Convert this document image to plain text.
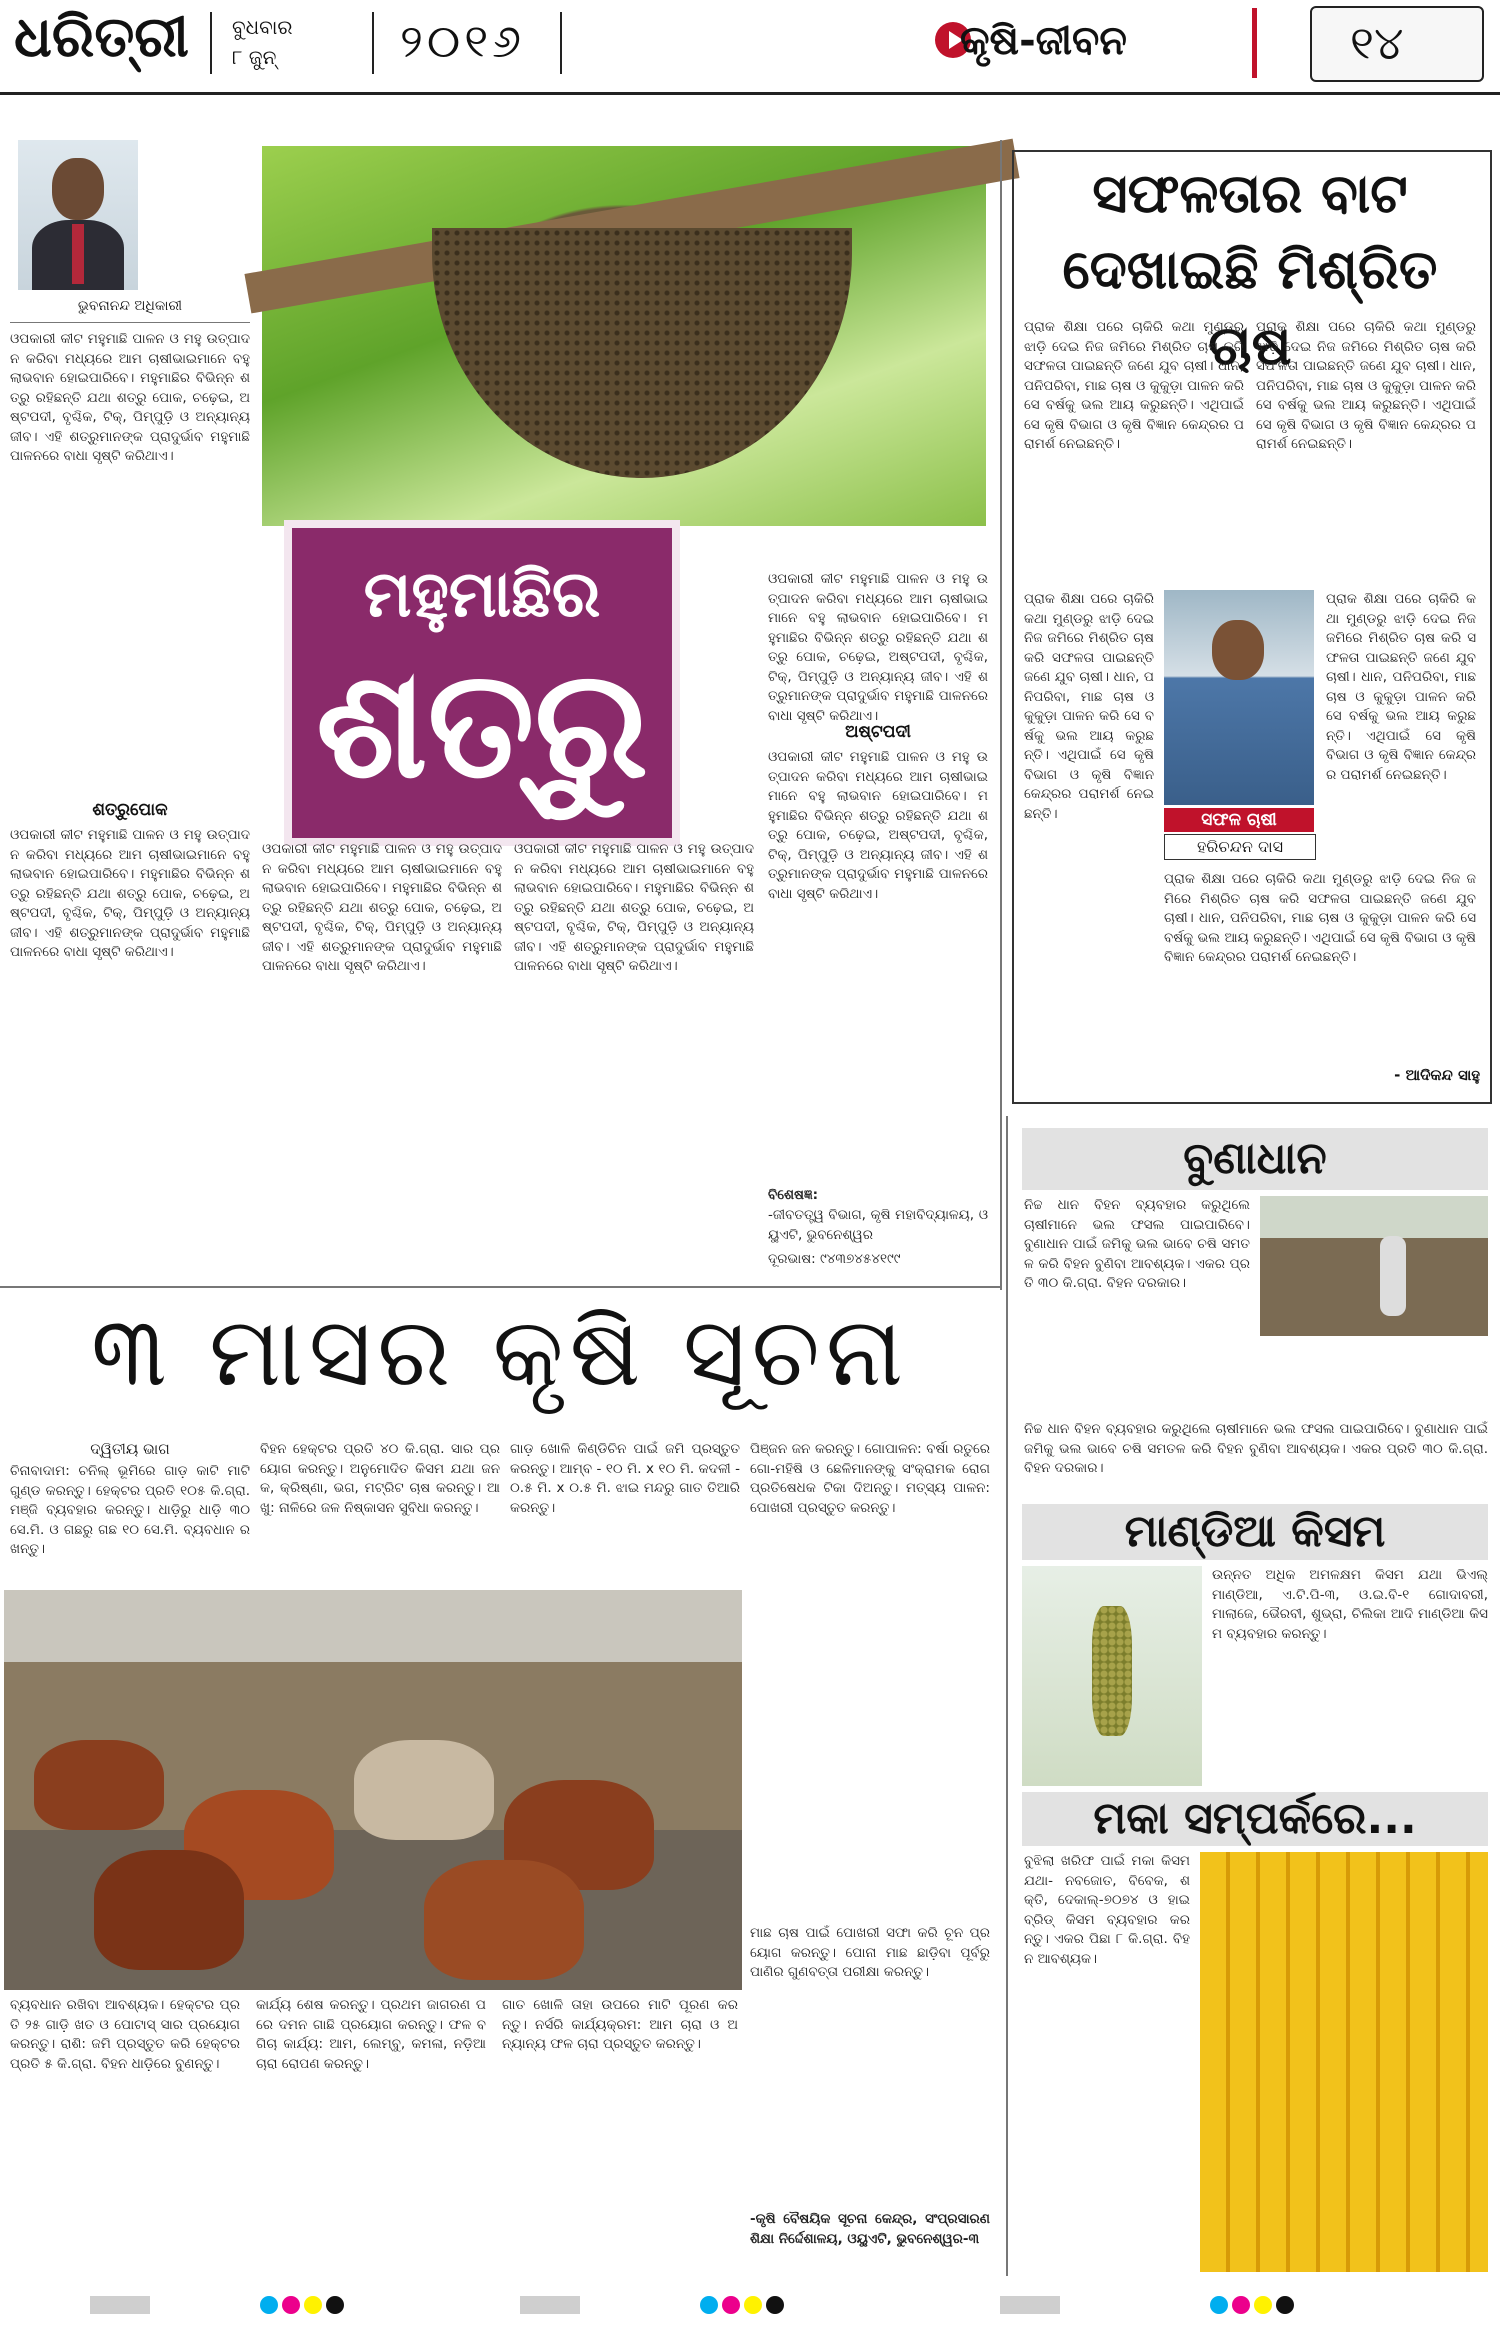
ଧରିତ୍ରୀ ବୁଧବାର
୮ ଜୁନ୍	୨୦୧୬	କୃଷି-ଜୀବନ	୧୪
ଭୁବନାନନ୍ଦ ଅଧିକାରୀ
ମହୁମାଛିର
ଶତ୍ରୁ
ଓପକାରୀ କୀଟ ମହୁମାଛି ପାଳନ ଓ ମହୁ ଉତ୍ପାଦନ କରିବା ମଧ୍ୟରେ ଆମ ଚାଷୀଭାଇମାନେ ବହୁ ଲାଭବାନ ହୋଇପାରିବେ। ମହୁମାଛିର ବିଭିନ୍ନ ଶତ୍ରୁ ରହିଛନ୍ତି ଯଥା ଶତ୍ରୁ ପୋକ, ଚଢ଼େଇ, ଅଷ୍ଟପଦୀ, ବୃଶ୍ଚିକ, ଟିକ୍, ପିମ୍ପୁଡ଼ି ଓ ଅନ୍ୟାନ୍ୟ ଜୀବ। ଏହି ଶତ୍ରୁମାନଙ୍କ ପ୍ରାଦୁର୍ଭାବ ମହୁମାଛି ପାଳନରେ ବାଧା ସୃଷ୍ଟି କରିଥାଏ।
ଶତ୍ରୁପୋକ
ଓପକାରୀ କୀଟ ମହୁମାଛି ପାଳନ ଓ ମହୁ ଉତ୍ପାଦନ କରିବା ମଧ୍ୟରେ ଆମ ଚାଷୀଭାଇମାନେ ବହୁ ଲାଭବାନ ହୋଇପାରିବେ। ମହୁମାଛିର ବିଭିନ୍ନ ଶତ୍ରୁ ରହିଛନ୍ତି ଯଥା ଶତ୍ରୁ ପୋକ, ଚଢ଼େଇ, ଅଷ୍ଟପଦୀ, ବୃଶ୍ଚିକ, ଟିକ୍, ପିମ୍ପୁଡ଼ି ଓ ଅନ୍ୟାନ୍ୟ ଜୀବ। ଏହି ଶତ୍ରୁମାନଙ୍କ ପ୍ରାଦୁର୍ଭାବ ମହୁମାଛି ପାଳନରେ ବାଧା ସୃଷ୍ଟି କରିଥାଏ।
ଓପକାରୀ କୀଟ ମହୁମାଛି ପାଳନ ଓ ମହୁ ଉତ୍ପାଦନ କରିବା ମଧ୍ୟରେ ଆମ ଚାଷୀଭାଇମାନେ ବହୁ ଲାଭବାନ ହୋଇପାରିବେ। ମହୁମାଛିର ବିଭିନ୍ନ ଶତ୍ରୁ ରହିଛନ୍ତି ଯଥା ଶତ୍ରୁ ପୋକ, ଚଢ଼େଇ, ଅଷ୍ଟପଦୀ, ବୃଶ୍ଚିକ, ଟିକ୍, ପିମ୍ପୁଡ଼ି ଓ ଅନ୍ୟାନ୍ୟ ଜୀବ। ଏହି ଶତ୍ରୁମାନଙ୍କ ପ୍ରାଦୁର୍ଭାବ ମହୁମାଛି ପାଳନରେ ବାଧା ସୃଷ୍ଟି କରିଥାଏ।
ଅଷ୍ଟପଦୀ
ଓପକାରୀ କୀଟ ମହୁମାଛି ପାଳନ ଓ ମହୁ ଉତ୍ପାଦନ କରିବା ମଧ୍ୟରେ ଆମ ଚାଷୀଭାଇମାନେ ବହୁ ଲାଭବାନ ହୋଇପାରିବେ। ମହୁମାଛିର ବିଭିନ୍ନ ଶତ୍ରୁ ରହିଛନ୍ତି ଯଥା ଶତ୍ରୁ ପୋକ, ଚଢ଼େଇ, ଅଷ୍ଟପଦୀ, ବୃଶ୍ଚିକ, ଟିକ୍, ପିମ୍ପୁଡ଼ି ଓ ଅନ୍ୟାନ୍ୟ ଜୀବ। ଏହି ଶତ୍ରୁମାନଙ୍କ ପ୍ରାଦୁର୍ଭାବ ମହୁମାଛି ପାଳନରେ ବାଧା ସୃଷ୍ଟି କରିଥାଏ।
ଓପକାରୀ କୀଟ ମହୁମାଛି ପାଳନ ଓ ମହୁ ଉତ୍ପାଦନ କରିବା ମଧ୍ୟରେ ଆମ ଚାଷୀଭାଇମାନେ ବହୁ ଲାଭବାନ ହୋଇପାରିବେ। ମହୁମାଛିର ବିଭିନ୍ନ ଶତ୍ରୁ ରହିଛନ୍ତି ଯଥା ଶତ୍ରୁ ପୋକ, ଚଢ଼େଇ, ଅଷ୍ଟପଦୀ, ବୃଶ୍ଚିକ, ଟିକ୍, ପିମ୍ପୁଡ଼ି ଓ ଅନ୍ୟାନ୍ୟ ଜୀବ। ଏହି ଶତ୍ରୁମାନଙ୍କ ପ୍ରାଦୁର୍ଭାବ ମହୁମାଛି ପାଳନରେ ବାଧା ସୃଷ୍ଟି କରିଥାଏ।
ଓପକାରୀ କୀଟ ମହୁମାଛି ପାଳନ ଓ ମହୁ ଉତ୍ପାଦନ କରିବା ମଧ୍ୟରେ ଆମ ଚାଷୀଭାଇମାନେ ବହୁ ଲାଭବାନ ହୋଇପାରିବେ। ମହୁମାଛିର ବିଭିନ୍ନ ଶତ୍ରୁ ରହିଛନ୍ତି ଯଥା ଶତ୍ରୁ ପୋକ, ଚଢ଼େଇ, ଅଷ୍ଟପଦୀ, ବୃଶ୍ଚିକ, ଟିକ୍, ପିମ୍ପୁଡ଼ି ଓ ଅନ୍ୟାନ୍ୟ ଜୀବ। ଏହି ଶତ୍ରୁମାନଙ୍କ ପ୍ରାଦୁର୍ଭାବ ମହୁମାଛି ପାଳନରେ ବାଧା ସୃଷ୍ଟି କରିଥାଏ।
ବିଶେଷଜ୍ଞ:
-ଜୀବତତ୍ତ୍ୱ ବିଭାଗ, କୃଷି ମହାବିଦ୍ୟାଳୟ, ଓୟୁଏଟି, ଭୁବନେଶ୍ୱର
ଦୂରଭାଷ: ୯୪୩୭୪୫୪୧୯୯
ସଫଳତାର ବାଟ
ଦେଖାଇଛି ମିଶ୍ରିତ ଚାଷ
ପ୍ରାକ ଶିକ୍ଷା ପରେ ଚାକିରି କଥା ମୁଣ୍ଡରୁ ଝାଡ଼ି ଦେଇ ନିଜ ଜମିରେ ମିଶ୍ରିତ ଚାଷ କରି ସଫଳତା ପାଇଛନ୍ତି ଜଣେ ଯୁବ ଚାଷୀ। ଧାନ, ପନିପରିବା, ମାଛ ଚାଷ ଓ କୁକୁଡ଼ା ପାଳନ କରି ସେ ବର୍ଷକୁ ଭଲ ଆୟ କରୁଛନ୍ତି। ଏଥିପାଇଁ ସେ କୃଷି ବିଭାଗ ଓ କୃଷି ବିଜ୍ଞାନ କେନ୍ଦ୍ରର ପରାମର୍ଶ ନେଇଛନ୍ତି।
ପ୍ରାକ ଶିକ୍ଷା ପରେ ଚାକିରି କଥା ମୁଣ୍ଡରୁ ଝାଡ଼ି ଦେଇ ନିଜ ଜମିରେ ମିଶ୍ରିତ ଚାଷ କରି ସଫଳତା ପାଇଛନ୍ତି ଜଣେ ଯୁବ ଚାଷୀ। ଧାନ, ପନିପରିବା, ମାଛ ଚାଷ ଓ କୁକୁଡ଼ା ପାଳନ କରି ସେ ବର୍ଷକୁ ଭଲ ଆୟ କରୁଛନ୍ତି। ଏଥିପାଇଁ ସେ କୃଷି ବିଭାଗ ଓ କୃଷି ବିଜ୍ଞାନ କେନ୍ଦ୍ରର ପରାମର୍ଶ ନେଇଛନ୍ତି।
ପ୍ରାକ ଶିକ୍ଷା ପରେ ଚାକିରି କଥା ମୁଣ୍ଡରୁ ଝାଡ଼ି ଦେଇ ନିଜ ଜମିରେ ମିଶ୍ରିତ ଚାଷ କରି ସଫଳତା ପାଇଛନ୍ତି ଜଣେ ଯୁବ ଚାଷୀ। ଧାନ, ପନିପରିବା, ମାଛ ଚାଷ ଓ କୁକୁଡ଼ା ପାଳନ କରି ସେ ବର୍ଷକୁ ଭଲ ଆୟ କରୁଛନ୍ତି। ଏଥିପାଇଁ ସେ କୃଷି ବିଭାଗ ଓ କୃଷି ବିଜ୍ଞାନ କେନ୍ଦ୍ରର ପରାମର୍ଶ ନେଇଛନ୍ତି।	ସଫଳ ଚାଷୀ
ହରିଚନ୍ଦନ ଦାସ
ପ୍ରାକ ଶିକ୍ଷା ପରେ ଚାକିରି କଥା ମୁଣ୍ଡରୁ ଝାଡ଼ି ଦେଇ ନିଜ ଜମିରେ ମିଶ୍ରିତ ଚାଷ କରି ସଫଳତା ପାଇଛନ୍ତି ଜଣେ ଯୁବ ଚାଷୀ। ଧାନ, ପନିପରିବା, ମାଛ ଚାଷ ଓ କୁକୁଡ଼ା ପାଳନ କରି ସେ ବର୍ଷକୁ ଭଲ ଆୟ କରୁଛନ୍ତି। ଏଥିପାଇଁ ସେ କୃଷି ବିଭାଗ ଓ କୃଷି ବିଜ୍ଞାନ କେନ୍ଦ୍ରର ପରାମର୍ଶ ନେଇଛନ୍ତି।
ପ୍ରାକ ଶିକ୍ଷା ପରେ ଚାକିରି କଥା ମୁଣ୍ଡରୁ ଝାଡ଼ି ଦେଇ ନିଜ ଜମିରେ ମିଶ୍ରିତ ଚାଷ କରି ସଫଳତା ପାଇଛନ୍ତି ଜଣେ ଯୁବ ଚାଷୀ। ଧାନ, ପନିପରିବା, ମାଛ ଚାଷ ଓ କୁକୁଡ଼ା ପାଳନ କରି ସେ ବର୍ଷକୁ ଭଲ ଆୟ କରୁଛନ୍ତି। ଏଥିପାଇଁ ସେ କୃଷି ବିଭାଗ ଓ କୃଷି ବିଜ୍ଞାନ କେନ୍ଦ୍ରର ପରାମର୍ଶ ନେଇଛନ୍ତି।
- ଆଦିକନ୍ଦ ସାହୁ
ବୁଣାଧାନ
ନିଚ୍ଚ ଧାନ ବିହନ ବ୍ୟବହାର କରୁଥିଲେ ଚାଷୀମାନେ ଭଲ ଫସଲ ପାଇପାରିବେ। ବୁଣାଧାନ ପାଇଁ ଜମିକୁ ଭଲ ଭାବେ ଚଷି ସମତଳ କରି ବିହନ ବୁଣିବା ଆବଶ୍ୟକ। ଏକର ପ୍ରତି ୩୦ କି.ଗ୍ରା. ବିହନ ଦରକାର।
ନିଚ୍ଚ ଧାନ ବିହନ ବ୍ୟବହାର କରୁଥିଲେ ଚାଷୀମାନେ ଭଲ ଫସଲ ପାଇପାରିବେ। ବୁଣାଧାନ ପାଇଁ ଜମିକୁ ଭଲ ଭାବେ ଚଷି ସମତଳ କରି ବିହନ ବୁଣିବା ଆବଶ୍ୟକ। ଏକର ପ୍ରତି ୩୦ କି.ଗ୍ରା. ବିହନ ଦରକାର।
ମାଣ୍ଡିଆ କିସମ
ଉନ୍ନତ ଅଧିକ ଅମଳକ୍ଷମ କିସମ ଯଥା ଭିଏଲ୍ ମାଣ୍ଡିଆ, ଏ.ଟି.ପି-୩, ଓ.ଇ.ବି-୧ ଗୋଦାବରୀ, ମାଲାଜେ, ଭୈରବୀ, ଶୁଭ୍ରା, ଚିଲିକା ଆଦି ମାଣ୍ଡିଆ କିସମ ବ୍ୟବହାର କରନ୍ତୁ।
ମକା ସମ୍ପର୍କରେ...
ବୁଝିଲା ଖରିଫ ପାଇଁ ମକା କିସମ ଯଥା- ନବଜୋତ, ବିବେକ, ଶକ୍ତି, ଦେକାଲ୍-୭୦୭୪ ଓ ହାଇବ୍ରିଡ୍ କିସମ ବ୍ୟବହାର କରନ୍ତୁ। ଏକର ପିଛା ୮ କି.ଗ୍ରା. ବିହନ ଆବଶ୍ୟକ।
୩ ମାସର କୃଷି ସୂଚନା
ଦ୍ୱିତୀୟ ଭାଗ
ଚିନାବାଦାମ: ଚନିଲ୍ ଭୂମିରେ ଗାଡ଼ କାଟି ମାଟି ଗୁଣ୍ଡ କରନ୍ତୁ। ହେକ୍ଟର ପ୍ରତି ୧୦୫ କି.ଗ୍ରା. ମଞ୍ଜି ବ୍ୟବହାର କରନ୍ତୁ। ଧାଡ଼ିରୁ ଧାଡ଼ି ୩୦ ସେ.ମି. ଓ ଗଛରୁ ଗଛ ୧୦ ସେ.ମି. ବ୍ୟବଧାନ ରଖନ୍ତୁ।
ବିହନ ହେକ୍ଟର ପ୍ରତି ୪୦ କି.ଗ୍ରା. ସାର ପ୍ରୟୋଗ କରନ୍ତୁ। ଅନୁମୋଦିତ କିସମ ଯଥା ଜନକ, କ୍ରିଷ୍ଣା, ଭଗ, ମଟ୍ରିଟ ଚାଷ କରନ୍ତୁ। ଆଖୁ: ନାଳିରେ ଜଳ ନିଷ୍କାସନ ସୁବିଧା କରନ୍ତୁ।
ଗାଡ଼ ଖୋଳି କିଣ୍ଡିଚିନ ପାଇଁ ଜମି ପ୍ରସ୍ତୁତ କରନ୍ତୁ। ଆମ୍ବ - ୧୦ ମି. x ୧୦ ମି. କଦଳୀ - ୦.୫ ମି. x ୦.୫ ମି. ଝାଇ ମନ୍ଦରୁ ଗାତ ତିଆରି କରନ୍ତୁ।
ପିଞ୍ଜନ ଜନ କରନ୍ତୁ। ଗୋପାଳନ: ବର୍ଷା ରତୁରେ ଗୋ-ମହିଷି ଓ ଛେଳିମାନଙ୍କୁ ସଂକ୍ରାମକ ରୋଗ ପ୍ରତିଷେଧକ ଟିକା ଦିଅନ୍ତୁ। ମତ୍ସ୍ୟ ପାଳନ: ପୋଖରୀ ପ୍ରସ୍ତୁତ କରନ୍ତୁ।
ମାଛ ଚାଷ ପାଇଁ ପୋଖରୀ ସଫା କରି ଚୂନ ପ୍ରୟୋଗ କରନ୍ତୁ। ପୋନା ମାଛ ଛାଡ଼ିବା ପୂର୍ବରୁ ପାଣିର ଗୁଣବତ୍ତା ପରୀକ୍ଷା କରନ୍ତୁ।
ବ୍ୟବଧାନ ରଖିବା ଆବଶ୍ୟକ। ହେକ୍ଟର ପ୍ରତି ୨୫ ଗାଡ଼ି ଖତ ଓ ପୋଟାସ୍ ସାର ପ୍ରୟୋଗ କରନ୍ତୁ। ରାଶି: ଜମି ପ୍ରସ୍ତୁତ କରି ହେକ୍ଟର ପ୍ରତି ୫ କି.ଗ୍ରା. ବିହନ ଧାଡ଼ିରେ ବୁଣନ୍ତୁ।
କାର୍ଯ୍ୟ ଶେଷ କରନ୍ତୁ। ପ୍ରଥମ ଜାଗରଣ ପରେ ଦମନ ଗାଛି ପ୍ରୟୋଗ କରନ୍ତୁ। ଫଳ ବଗିଚା କାର୍ଯ୍ୟ: ଆମ, ଲେମ୍ବୁ, କମଳା, ନଡ଼ିଆ ଚାରା ରୋପଣ କରନ୍ତୁ।
ଗାତ ଖୋଳି ତାହା ଉପରେ ମାଟି ପୂରଣ କରନ୍ତୁ। ନର୍ସରି କାର୍ଯ୍ୟକ୍ରମ: ଆମ ଚାରା ଓ ଅନ୍ୟାନ୍ୟ ଫଳ ଚାରା ପ୍ରସ୍ତୁତ କରନ୍ତୁ।
-କୃଷି ବୈଷୟିକ ସୂଚନା କେନ୍ଦ୍ର, ସଂପ୍ରସାରଣ ଶିକ୍ଷା ନିର୍ଦ୍ଦେଶାଳୟ, ଓୟୁଏଟି, ଭୁବନେଶ୍ୱର-୩
